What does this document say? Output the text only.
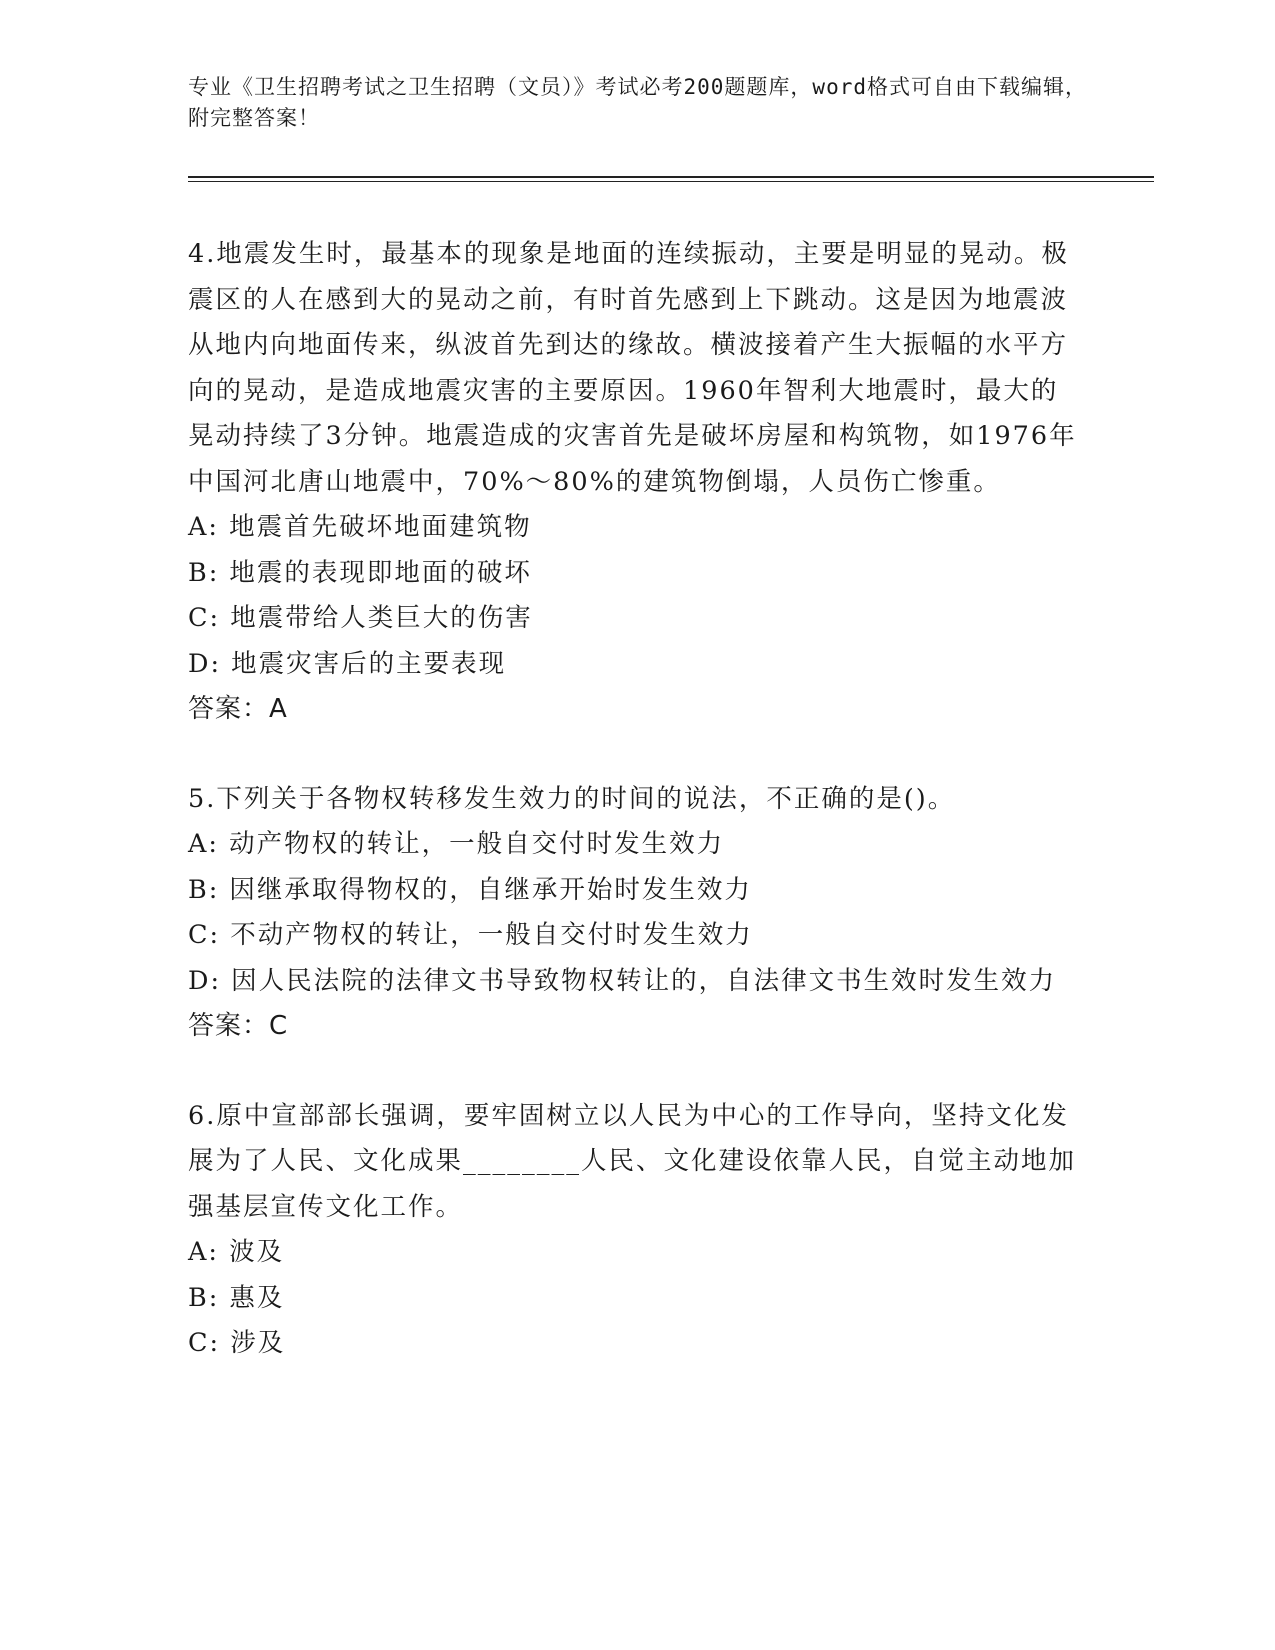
专业《卫生招聘考试之卫生招聘（文员）》考试必考200题题库，word格式可自由下载编辑，附完整答案！

4.地震发生时，最基本的现象是地面的连续振动，主要是明显的晃动。极震区的人在感到大的晃动之前，有时首先感到上下跳动。这是因为地震波从地内向地面传来，纵波首先到达的缘故。横波接着产生大振幅的水平方向的晃动，是造成地震灾害的主要原因。1960年智利大地震时，最大的晃动持续了3分钟。地震造成的灾害首先是破坏房屋和构筑物，如1976年中国河北唐山地震中，70%～80%的建筑物倒塌，人员伤亡惨重。

A: 地震首先破坏地面建筑物

B: 地震的表现即地面的破坏

C: 地震带给人类巨大的伤害

D: 地震灾害后的主要表现

答案：A

5.下列关于各物权转移发生效力的时间的说法，不正确的是()。

A: 动产物权的转让，一般自交付时发生效力

B: 因继承取得物权的，自继承开始时发生效力

C: 不动产物权的转让，一般自交付时发生效力

D: 因人民法院的法律文书导致物权转让的，自法律文书生效时发生效力

答案：C

6.原中宣部部长强调，要牢固树立以人民为中心的工作导向，坚持文化发展为了人民、文化成果________人民、文化建设依靠人民，自觉主动地加强基层宣传文化工作。

A: 波及

B: 惠及

C: 涉及
